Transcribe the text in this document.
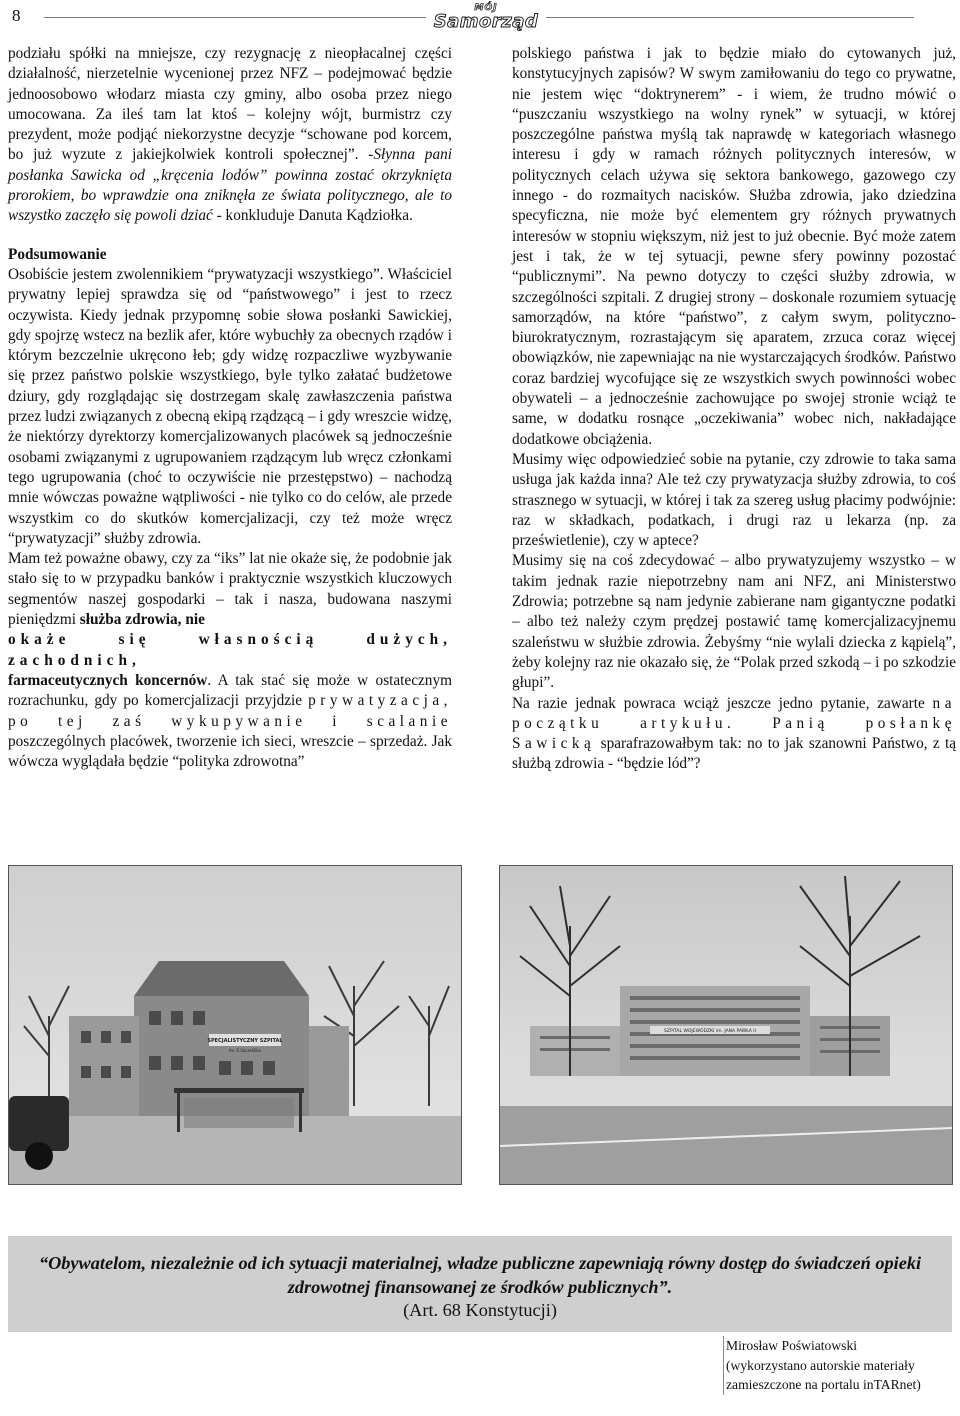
8	MÓJ
Samorząd

podziału spółki na mniejsze, czy rezygnację z nieopłacalnej części działalność, nierzetelnie wycenionej przez NFZ – podejmować będzie jednoosobowo włodarz miasta czy gminy, albo osoba przez niego umocowana. Za ileś tam lat ktoś – kolejny wójt, burmistrz czy prezydent, może podjąć niekorzystne decyzje “schowane pod korcem, bo już wyzute z jakiejkolwiek kontroli społecznej”. -Słynna pani posłanka Sawicka od „kręcenia lodów” powinna zostać okrzyknięta prorokiem, bo wprawdzie ona zniknęła ze świata politycznego, ale to wszystko zaczęło się powoli dziać - konkluduje Danuta Kądziołka.

Podsumowanie

Osobiście jestem zwolennikiem “prywatyzacji wszystkiego”. Właściciel prywatny lepiej sprawdza się od “państwowego” i jest to rzecz oczywista. Kiedy jednak przypomnę sobie słowa posłanki Sawickiej, gdy spojrzę wstecz na bezlik afer, które wybuchły za obecnych rządów i którym bezczelnie ukręcono łeb; gdy widzę rozpaczliwe wyzbywanie się przez państwo polskie wszystkiego, byle tylko załatać budżetowe dziury, gdy rozglądając się dostrzegam skalę zawłaszczenia państwa przez ludzi związanych z obecną ekipą rządzącą – i gdy wreszcie widzę, że niektórzy dyrektorzy komercjalizowanych placówek są jednocześnie osobami związanymi z ugrupowaniem rządzącym lub wręcz członkami tego ugrupowania (choć to oczywiście nie przestępstwo) – nachodzą mnie wówczas poważne wątpliwości - nie tylko co do celów, ale przede wszystkim co do skutków komercjalizacji, czy też może wręcz “prywatyzacji” służby zdrowia.

Mam też poważne obawy, czy za “iks” lat nie okaże się, że podobnie jak stało się to w przypadku banków i praktycznie wszystkich kluczowych segmentów naszej gospodarki – tak i nasza, budowana naszymi pieniędzmi służba zdrowia, nie
okaże się własnością dużych, zachodnich,
farmaceutycznych koncernów. A tak stać się może w ostatecznym rozrachunku, gdy po komercjalizacji przyjdzie prywatyzacja, po tej zaś wykupywanie i scalanie poszczególnych placówek, tworzenie ich sieci, wreszcie – sprzedaż. Jak wówcza wyglądała będzie “polityka zdrowotna”

polskiego państwa i jak to będzie miało do cytowanych już, konstytucyjnych zapisów? W swym zamiłowaniu do tego co prywatne, nie jestem więc “doktrynerem” - i wiem, że trudno mówić o “puszczaniu wszystkiego na wolny rynek” w sytuacji, w której poszczególne państwa myślą tak naprawdę w kategoriach własnego interesu i gdy w ramach różnych politycznych interesów, w politycznych celach używa się sektora bankowego, gazowego czy innego - do rozmaitych nacisków. Służba zdrowia, jako dziedzina specyficzna, nie może być elementem gry różnych prywatnych interesów w stopniu większym, niż jest to już obecnie. Być może zatem jest i tak, że w tej sytuacji, pewne sfery powinny pozostać “publicznymi”. Na pewno dotyczy to części służby zdrowia, w szczególności szpitali. Z drugiej strony – doskonale rozumiem sytuację samorządów, na które “państwo”, z całym swym, polityczno-biurokratycznym, rozrastającym się aparatem, zrzuca coraz więcej obowiązków, nie zapewniając na nie wystarczających środków. Państwo coraz bardziej wycofujące się ze wszystkich swych powinności wobec obywateli – a jednocześnie zachowujące po swojej stronie wciąż te same, w dodatku rosnące „oczekiwania” wobec nich, nakładające dodatkowe obciążenia.

Musimy więc odpowiedzieć sobie na pytanie, czy zdrowie to taka sama usługa jak każda inna? Ale też czy prywatyzacja służby zdrowia, to coś strasznego w sytuacji, w której i tak za szereg usług płacimy podwójnie: raz w składkach, podatkach, i drugi raz u lekarza (np. za prześwietlenie), czy w aptece?

Musimy się na coś zdecydować – albo prywatyzujemy wszystko – w takim jednak razie niepotrzebny nam ani NFZ, ani Ministerstwo Zdrowia; potrzebne są nam jedynie zabierane nam gigantyczne podatki – albo też należy czym prędzej postawić tamę komercjalizacyjnemu szaleństwu w służbie zdrowia. Żebyśmy “nie wylali dziecka z kąpielą”, żeby kolejny raz nie okazało się, że “Polak przed szkodą – i po szkodzie głupi”.

Na razie jednak powraca wciąż jeszcze jedno pytanie, zawarte na początku artykułu. Panią posłankę Sawicką sparafrazowałbym tak: no to jak szanowni Państwo, z tą służbą zdrowia - “będzie lód”?

SPECJALISTYCZNY SZPITAL
im. E.Szczeklika
SZPITAL WOJEWÓDZKI im. JANA PAWŁA II
“Obywatelom, niezależnie od ich sytuacji materialnej, władze publiczne zapewniają równy dostęp do świadczeń opieki zdrowotnej finansowanej ze środków publicznych”.
(Art. 68 Konstytucji)
Mirosław Poświatowski
(wykorzystano autorskie materiały zamieszczone na portalu inTARnet)
